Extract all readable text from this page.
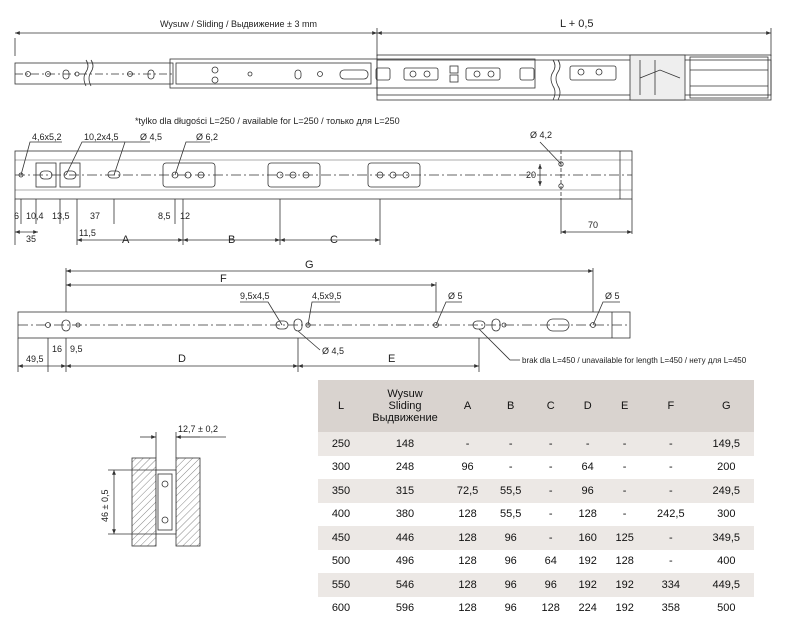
Wysuw / Sliding / Выдвижение ± 3 mm	L + 0,5
*tylko dla długości L=250 / available for L=250 / только для L=250
4,6x5,2 10,2x4,5 Ø 4,5	Ø 6,2	Ø 4,2
20
70
6 10,4 13,5 37	8,5 12
35
11,5
A	B	C
G
F
9,5x4,5	4,5x9,5	Ø 5	Ø 5
Ø 4,5
49,5
16 9,5
D	E	brak dla L=450 / unavailable for length L=450 / нету для L=450
12,7 ± 0,2
46 ± 0,5
L	Wysuw
Sliding
Выдвижение	A	B	C	D	E	F	G
250	148	-	-	-	-	-	-	149,5
300	248	96	-	-	64	-	-	200
350	315	72,5	55,5	-	96	-	-	249,5
400	380	128	55,5	-	128	-	242,5	300
450	446	128	96	-	160	125	-	349,5
500	496	128	96	64	192	128	-	400
550	546	128	96	96	192	192	334	449,5
600	596	128	96	128	224	192	358	500
